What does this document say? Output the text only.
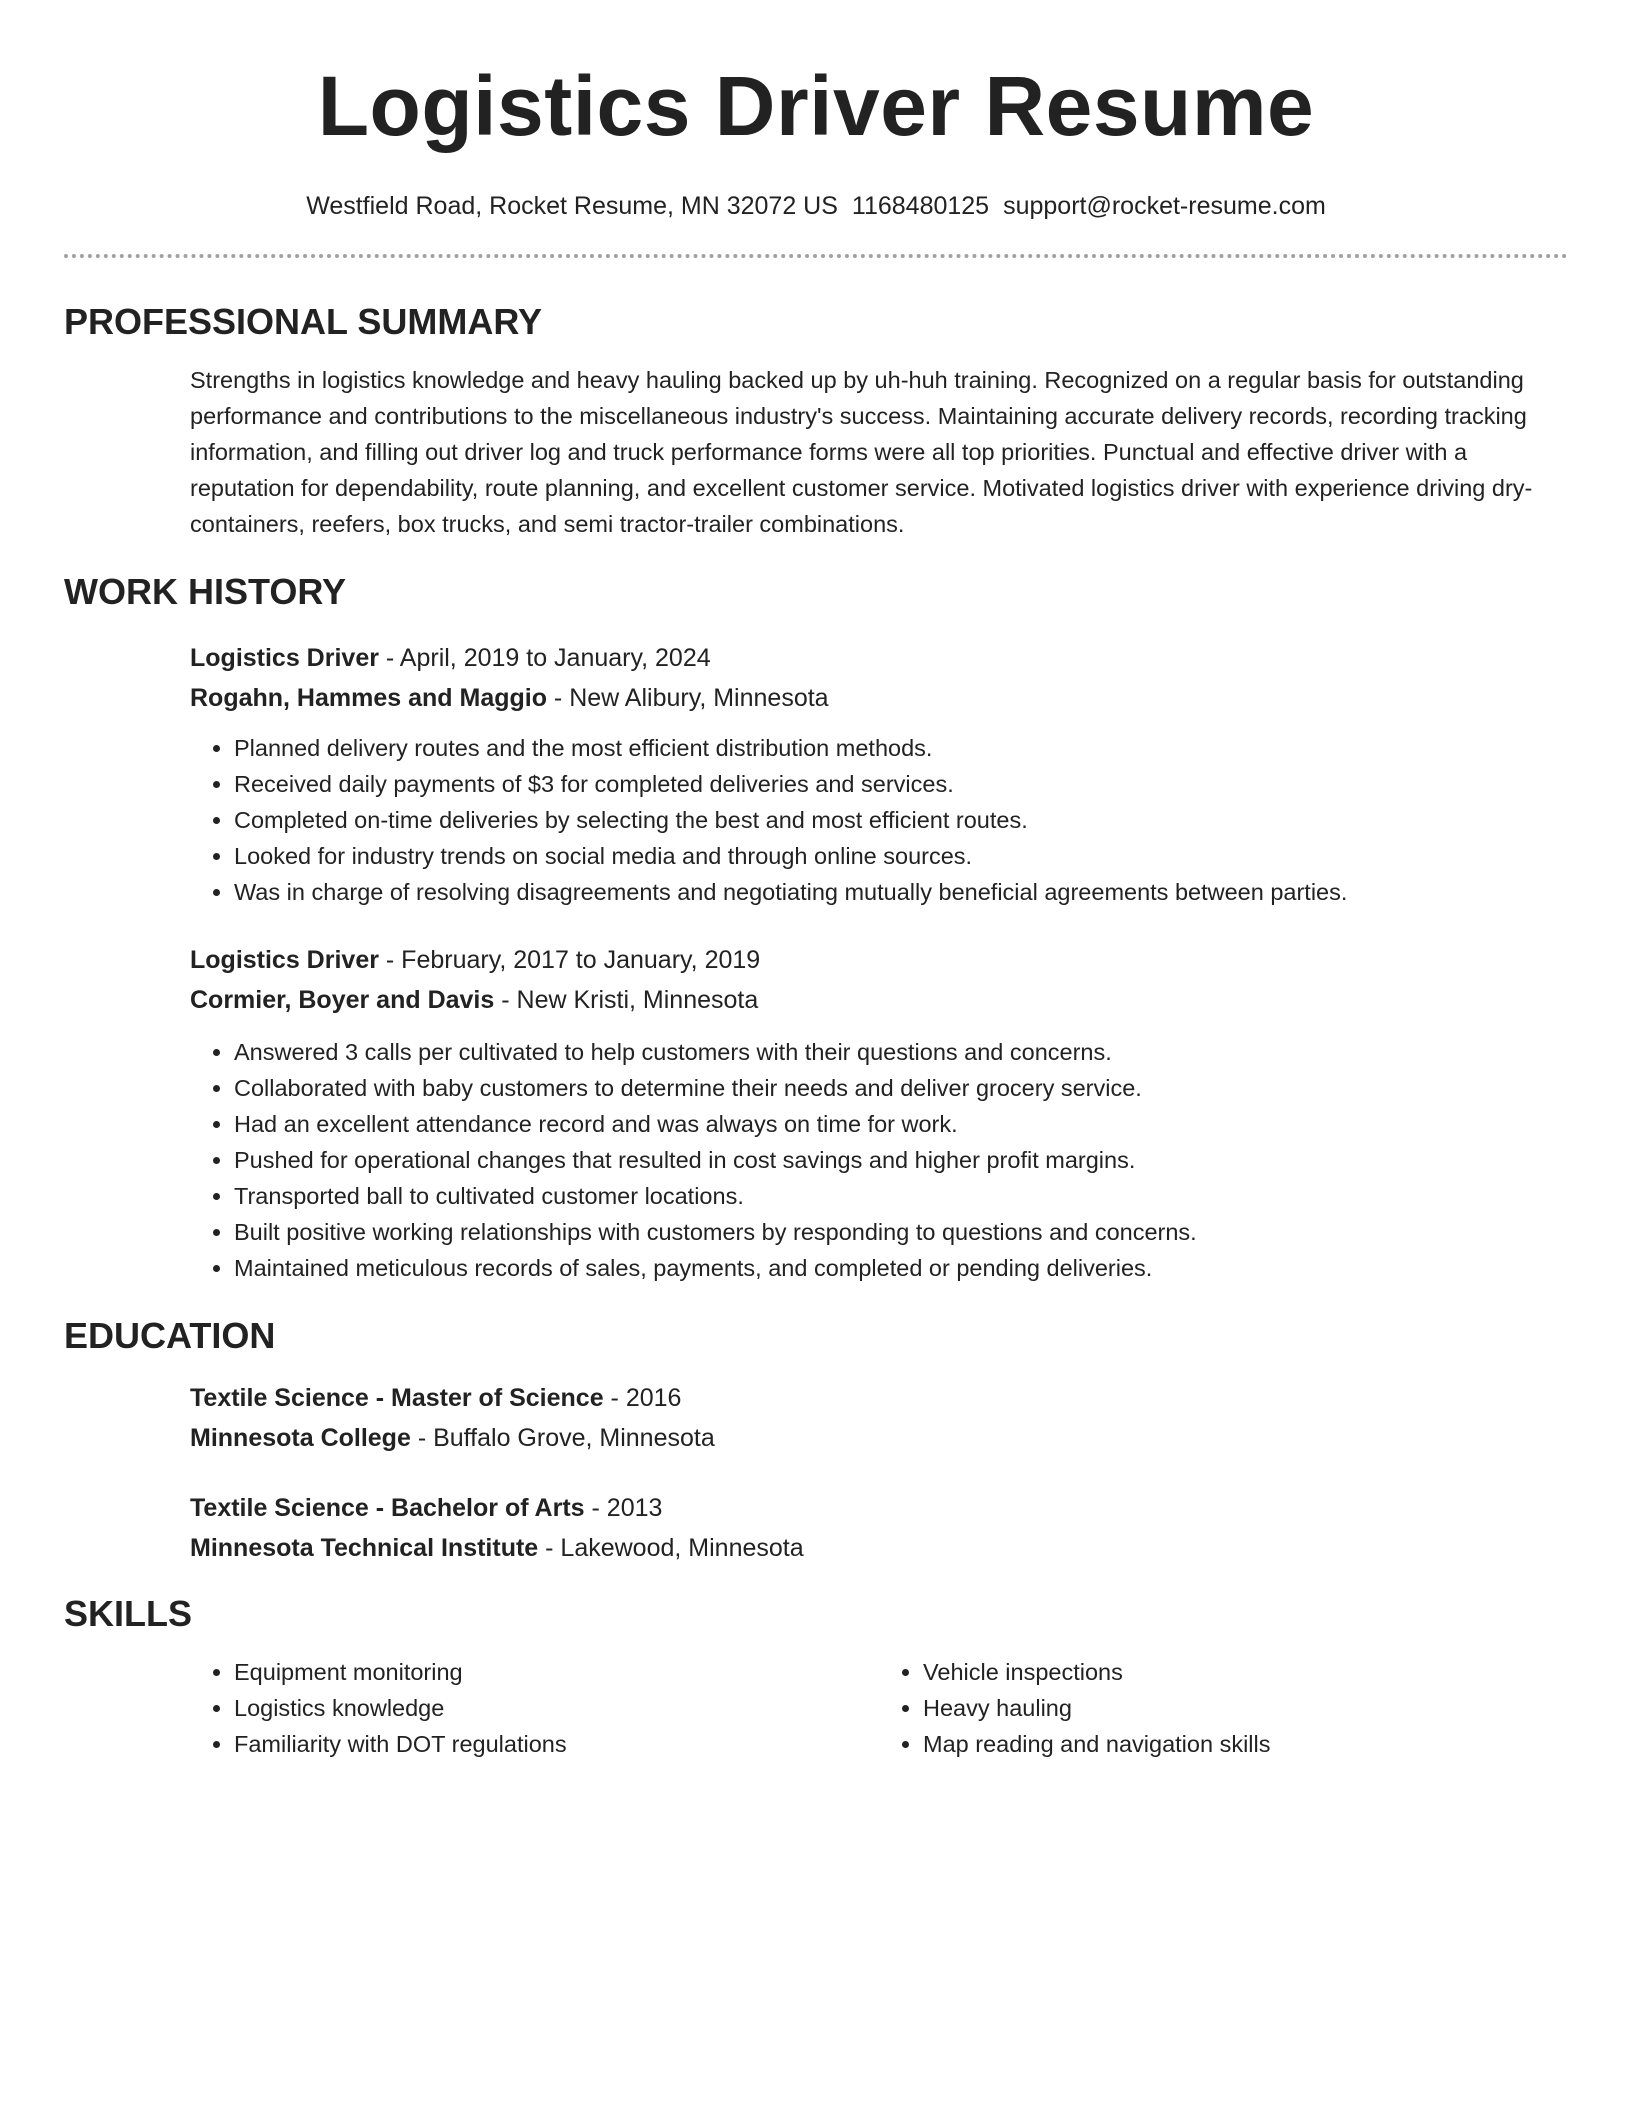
Logistics Driver Resume
Westfield Road, Rocket Resume, MN 32072 US 1168480125 support@rocket-resume.com
PROFESSIONAL SUMMARY

Strengths in logistics knowledge and heavy hauling backed up by uh-huh training. Recognized on a regular basis for outstanding performance and contributions to the miscellaneous industry's success. Maintaining accurate delivery records, recording tracking information, and filling out driver log and truck performance forms were all top priorities. Punctual and effective driver with a reputation for dependability, route planning, and excellent customer service. Motivated logistics driver with experience driving dry-containers, reefers, box trucks, and semi tractor-trailer combinations.

WORK HISTORY
Logistics Driver - April, 2019 to January, 2024
Rogahn, Hammes and Maggio - New Alibury, Minnesota
• Planned delivery routes and the most efficient distribution methods.
• Received daily payments of $3 for completed deliveries and services.
• Completed on-time deliveries by selecting the best and most efficient routes.
• Looked for industry trends on social media and through online sources.
• Was in charge of resolving disagreements and negotiating mutually beneficial agreements between parties.
Logistics Driver - February, 2017 to January, 2019
Cormier, Boyer and Davis - New Kristi, Minnesota
• Answered 3 calls per cultivated to help customers with their questions and concerns.
• Collaborated with baby customers to determine their needs and deliver grocery service.
• Had an excellent attendance record and was always on time for work.
• Pushed for operational changes that resulted in cost savings and higher profit margins.
• Transported ball to cultivated customer locations.
• Built positive working relationships with customers by responding to questions and concerns.
• Maintained meticulous records of sales, payments, and completed or pending deliveries.
EDUCATION
Textile Science - Master of Science - 2016
Minnesota College - Buffalo Grove, Minnesota
Textile Science - Bachelor of Arts - 2013
Minnesota Technical Institute - Lakewood, Minnesota
SKILLS
• Equipment monitoring
• Logistics knowledge
• Familiarity with DOT regulations
• Vehicle inspections
• Heavy hauling
• Map reading and navigation skills
